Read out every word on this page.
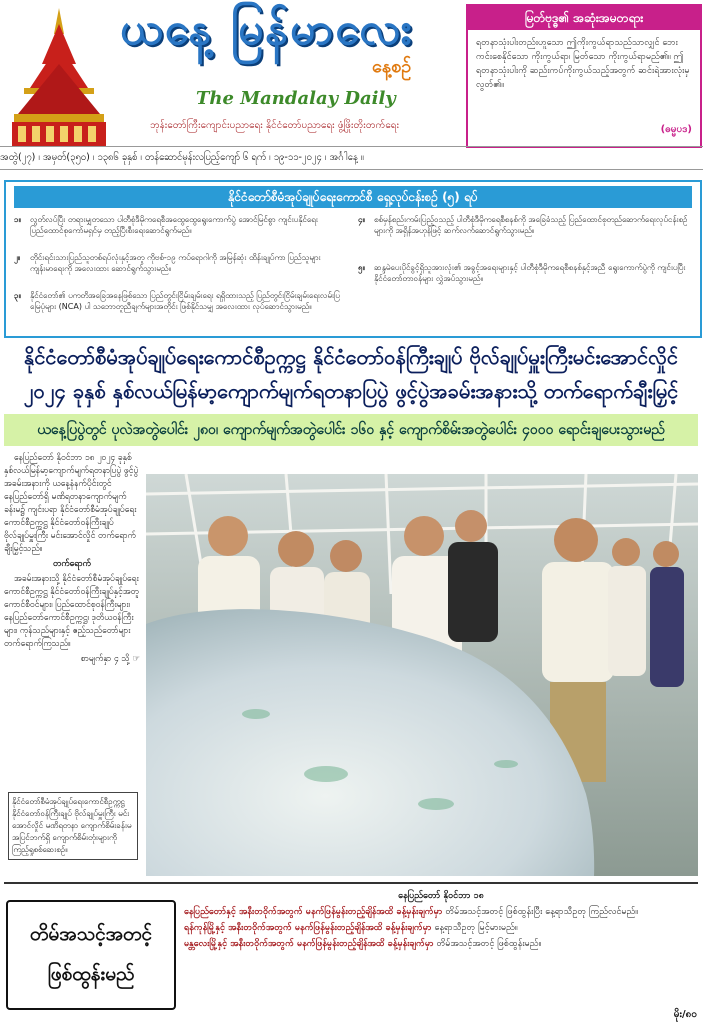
ယနေ့ မြန်မာလေး
နေ့စဉ်
The Mandalay Daily
ဘုန်းတော်ကြီးကျောင်းပညာရေး နိုင်ငံတော်ပညာရေး ဖွံ့ဖြိုးတိုးတက်ရေး
မြတ်ဗုဒ္ဓ၏ အဆုံးအမတရား
ရတနာသုံးပါးတည်းဟူသော ဤကိုးကွယ်ရာသည်သာလျှင် ဘေးကင်းစေနိုင်သော ကိုးကွယ်ရာ၊ မြတ်သော ကိုးကွယ်ရာမည်၏။ ဤရတနာသုံးပါးကို ဆည်းကပ်ကိုးကွယ်သည့်အတွက် ဆင်းရဲအားလုံးမှ လွတ်၏။
(ဓမ္မပဒ)
အတွဲ(၂၇) ၊ အမှတ်(၃၅၀) ၊ ၁၃၈၆ ခုနှစ် ၊ တန်ဆောင်မုန်းလပြည့်ကျော် ၆ ရက် ၊ ၁၉-၁၁-၂၀၂၄ ၊ အင်္ဂါနေ့ ။
နိုင်ငံတော်စီမံအုပ်ချုပ်ရေးကောင်စီ ရှေ့လုပ်ငန်းစဉ် (၅) ရပ်
၁။	လွတ်လပ်ပြီး တရားမျှတသော ပါတီစုံဒီမိုကရေစီအထွေထွေရွေးကောက်ပွဲ အောင်မြင်စွာ ကျင်းပနိုင်ရေး ပြည်ထောင်စုကော်မရှင်မှ တည့်ပြီးစီးရေးဆောင်ရွက်မည်။
၂။	တိုင်းရင်းသားပြည်သူတစ်ရပ်လုံးနှင့်အတူ ကိုဗစ်-၁၉ ကပ်ရောဂါကို အမြန်ဆုံး ထိန်းချုပ်ကာ ပြည်သူများ ကျန်းမာရေးကို အလေးထား ဆောင်ရွက်သွားမည်။
၃။	နိုင်ငံတော်၏ ပကတိအခြေအနေဖြစ်သော ပြည်တွင်းငြိမ်းချမ်းရေး ရရှိထားသည့် ပြည်တွင်းငြိမ်းချမ်းရေးလမ်းပြ မြေပုံများ (NCA) ပါ သဘောတူညီချက်များအတိုင်း ဖြစ်နိုင်သမျှ အလေးထား လုပ်ဆောင်သွားမည်။
၄။	စစ်မှန်စည်းကမ်းပြည့်ဝသည့် ပါတီစုံဒီမိုကရေစီစနစ်ကို အခြေခံသည့် ပြည်ထောင်စုတည်ဆောက်ရေးလုပ်ငန်းစဉ်များကို အရှိန်အဟုန်ဖြင့် ဆက်လက်ဆောင်ရွက်သွားမည်။
၅။	ဆန္ဒမဲပေးပိုင်ခွင့်ရှိသူအားလုံး၏ အခွင့်အရေးများနှင့် ပါတီစုံဒီမိုကရေစီစနစ်နှင့်အညီ ရွေးကောက်ပွဲကို ကျင်းပပြီး နိုင်ငံတော်တာဝန်များ လွှဲအပ်သွားမည်။
နိုင်ငံတော်စီမံအုပ်ချုပ်ရေးကောင်စီဥက္ကဋ္ဌ နိုင်ငံတော်ဝန်ကြီးချုပ် ဗိုလ်ချုပ်မှူးကြီးမင်းအောင်လှိုင်
၂၀၂၄ ခုနှစ် နှစ်လယ်မြန်မာ့ကျောက်မျက်ရတနာပြပွဲ ဖွင့်ပွဲအခမ်းအနားသို့ တက်ရောက်ချီးမြှင့်
ယနေ့ပြပွဲတွင် ပုလဲအတွဲပေါင်း ၂၈၀၊ ကျောက်မျက်အတွဲပေါင်း ၁၆၀ နှင့် ကျောက်စိမ်းအတွဲပေါင်း ၄၀၀၀ ရောင်းချပေးသွားမည်

နေပြည်တော် နိုဝင်ဘာ ၁၈ ၂၀၂၄ ခုနှစ်နှစ်လယ်မြန်မာ့ကျောက်မျက်ရတနာပြပွဲ ဖွင့်ပွဲအခမ်းအနားကို ယနေ့နံနက်ပိုင်းတွင် နေပြည်တော်ရှိ မဏိရတနာကျောက်မျက်ခန်းမ၌ ကျင်းပရာ နိုင်ငံတော်စီမံအုပ်ချုပ်ရေးကောင်စီဥက္ကဋ္ဌ နိုင်ငံတော်ဝန်ကြီးချုပ် ဗိုလ်ချုပ်မှူးကြီး မင်းအောင်လှိုင် တက်ရောက်ချီးမြှင့်သည်။

တက်ရောက်

အခမ်းအနားသို့ နိုင်ငံတော်စီမံအုပ်ချုပ်ရေးကောင်စီဥက္ကဋ္ဌ နိုင်ငံတော်ဝန်ကြီးချုပ်နှင့်အတူ ကောင်စီဝင်များ၊ ပြည်ထောင်စုဝန်ကြီးများ၊ နေပြည်တော်ကောင်စီဥက္ကဋ္ဌ၊ ဒုတိယဝန်ကြီးများ၊ ကုန်သည်များနှင့် ဧည့်သည်တော်များ တက်ရောက်ကြသည်။

စာမျက်နှာ ၄ သို့ ☞
နိုင်ငံတော်စီမံအုပ်ချုပ်ရေးကောင်စီဥက္ကဋ္ဌ နိုင်ငံတော်ဝန်ကြီးချုပ် ဗိုလ်ချုပ်မှူးကြီး မင်းအောင်လှိုင် မဏိရတနာ ကျောက်စိမ်းခန်းမ အပြင်ဘက်ရှိ ကျောက်စိမ်းတုံးများကို ကြည့်ရှုစစ်ဆေးစဉ်။
တိမ်အသင့်အတင့် ဖြစ်ထွန်းမည်
နေပြည်တော် နိုဝင်ဘာ ၁၈
နေပြည်တော်နှင့် အနီးတဝိုက်အတွက် မနက်ဖြန်မွန်းတည့်ချိန်အထိ ခန့်မှန်းချက်မှာ တိမ်အသင့်အတင့် ဖြစ်ထွန်းပြီး နေ့ရာသီဥတု ကြည်လင်မည်။
ရန်ကုန်မြို့နှင့် အနီးတဝိုက်အတွက် မနက်ဖြန်မွန်းတည့်ချိန်အထိ ခန့်မှန်းချက်မှာ နေ့ရာသီဥတု မြင့်မားမည်။
မန္တလေးမြို့နှင့် အနီးတဝိုက်အတွက် မနက်ဖြန်မွန်းတည့်ချိန်အထိ ခန့်မှန်းချက်မှာ တိမ်အသင့်အတင့် ဖြစ်ထွန်းမည်။
မိုး/၈၀
